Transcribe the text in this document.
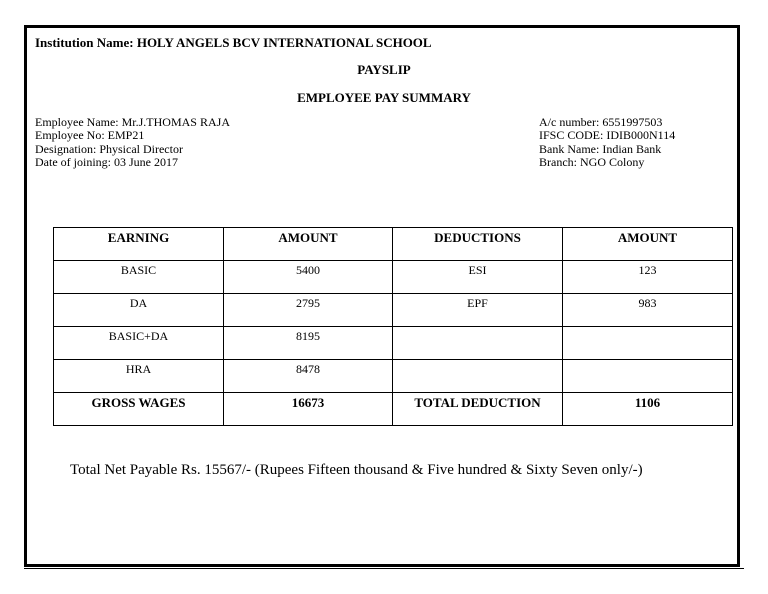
Institution Name: HOLY ANGELS BCV INTERNATIONAL SCHOOL
PAYSLIP
EMPLOYEE PAY SUMMARY
Employee Name: Mr.J.THOMAS RAJA
Employee No: EMP21
Designation: Physical Director
Date of joining: 03 June 2017
A/c number: 6551997503
IFSC CODE: IDIB000N114
Bank Name: Indian Bank
Branch: NGO Colony
EARNING	AMOUNT	DEDUCTIONS	AMOUNT
BASIC	5400	ESI	123
DA	2795	EPF	983
BASIC+DA	8195		
HRA	8478		
GROSS WAGES	16673	TOTAL DEDUCTION	1106
Total Net Payable Rs. 15567/- (Rupees Fifteen thousand & Five hundred & Sixty Seven only/-)
